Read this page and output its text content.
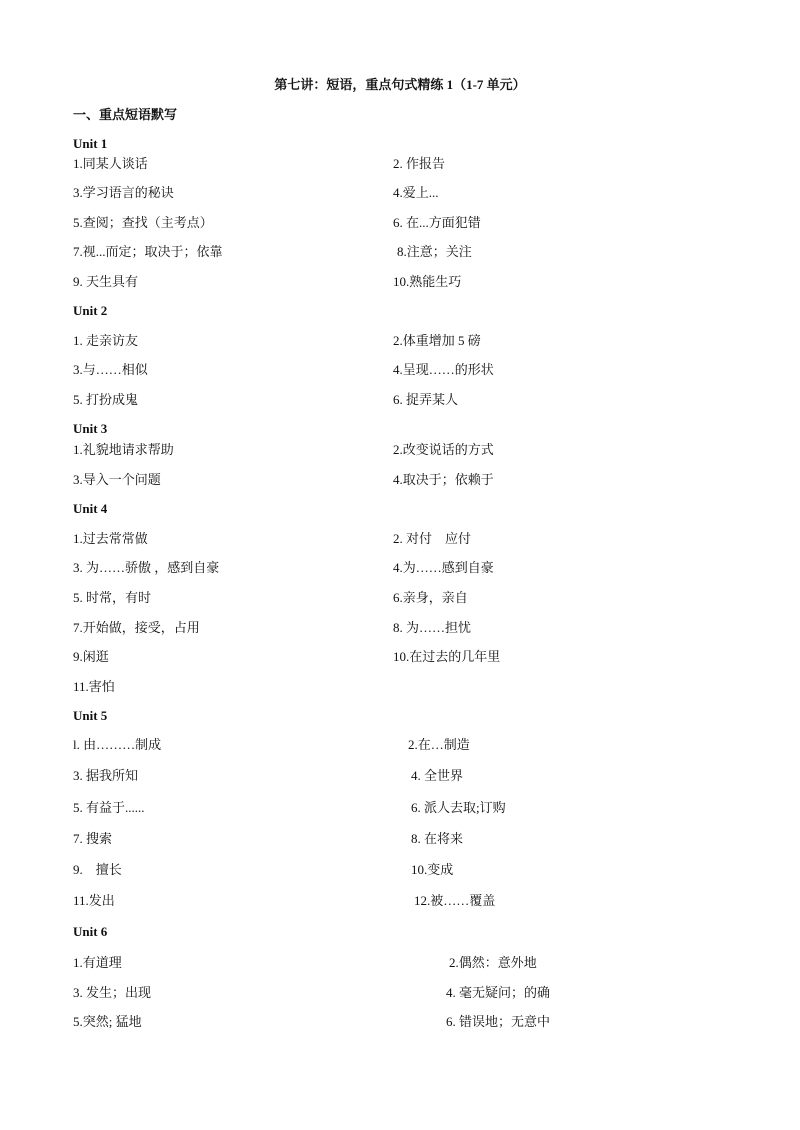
第七讲：短语，重点句式精练 1（1-7 单元）
一、重点短语默写
Unit 1
1.同某人谈话	2. 作报告
3.学习语言的秘诀	4.爱上...
5.查阅；查找（主考点）	6. 在...方面犯错
7.视...而定；取决于；依靠	8.注意；关注
9. 天生具有	10.熟能生巧
Unit 2
1. 走亲访友	2.体重增加 5 磅
3.与……相似	4.呈现……的形状
5. 打扮成鬼	6. 捉弄某人
Unit 3
1.礼貌地请求帮助	2.改变说话的方式
3.导入一个问题	4.取决于；依赖于
Unit 4
1.过去常常做	2. 对付　应付
3. 为……骄傲 ，感到自豪	4.为……感到自豪
5. 时常，有时	6.亲身，亲自
7.开始做，接受，占用	8. 为……担忧
9.闲逛	10.在过去的几年里
11.害怕
Unit 5
l. 由………制成	2.在…制造
3. 据我所知	4. 全世界
5. 有益于......	6. 派人去取;订购
7. 搜索	8. 在将来
9.　擅长	10.变成
11.发出	12.被……覆盖
Unit 6
1.有道理	2.偶然：意外地
3. 发生；出现	4. 毫无疑问；的确
5.突然; 猛地	6. 错误地；无意中
